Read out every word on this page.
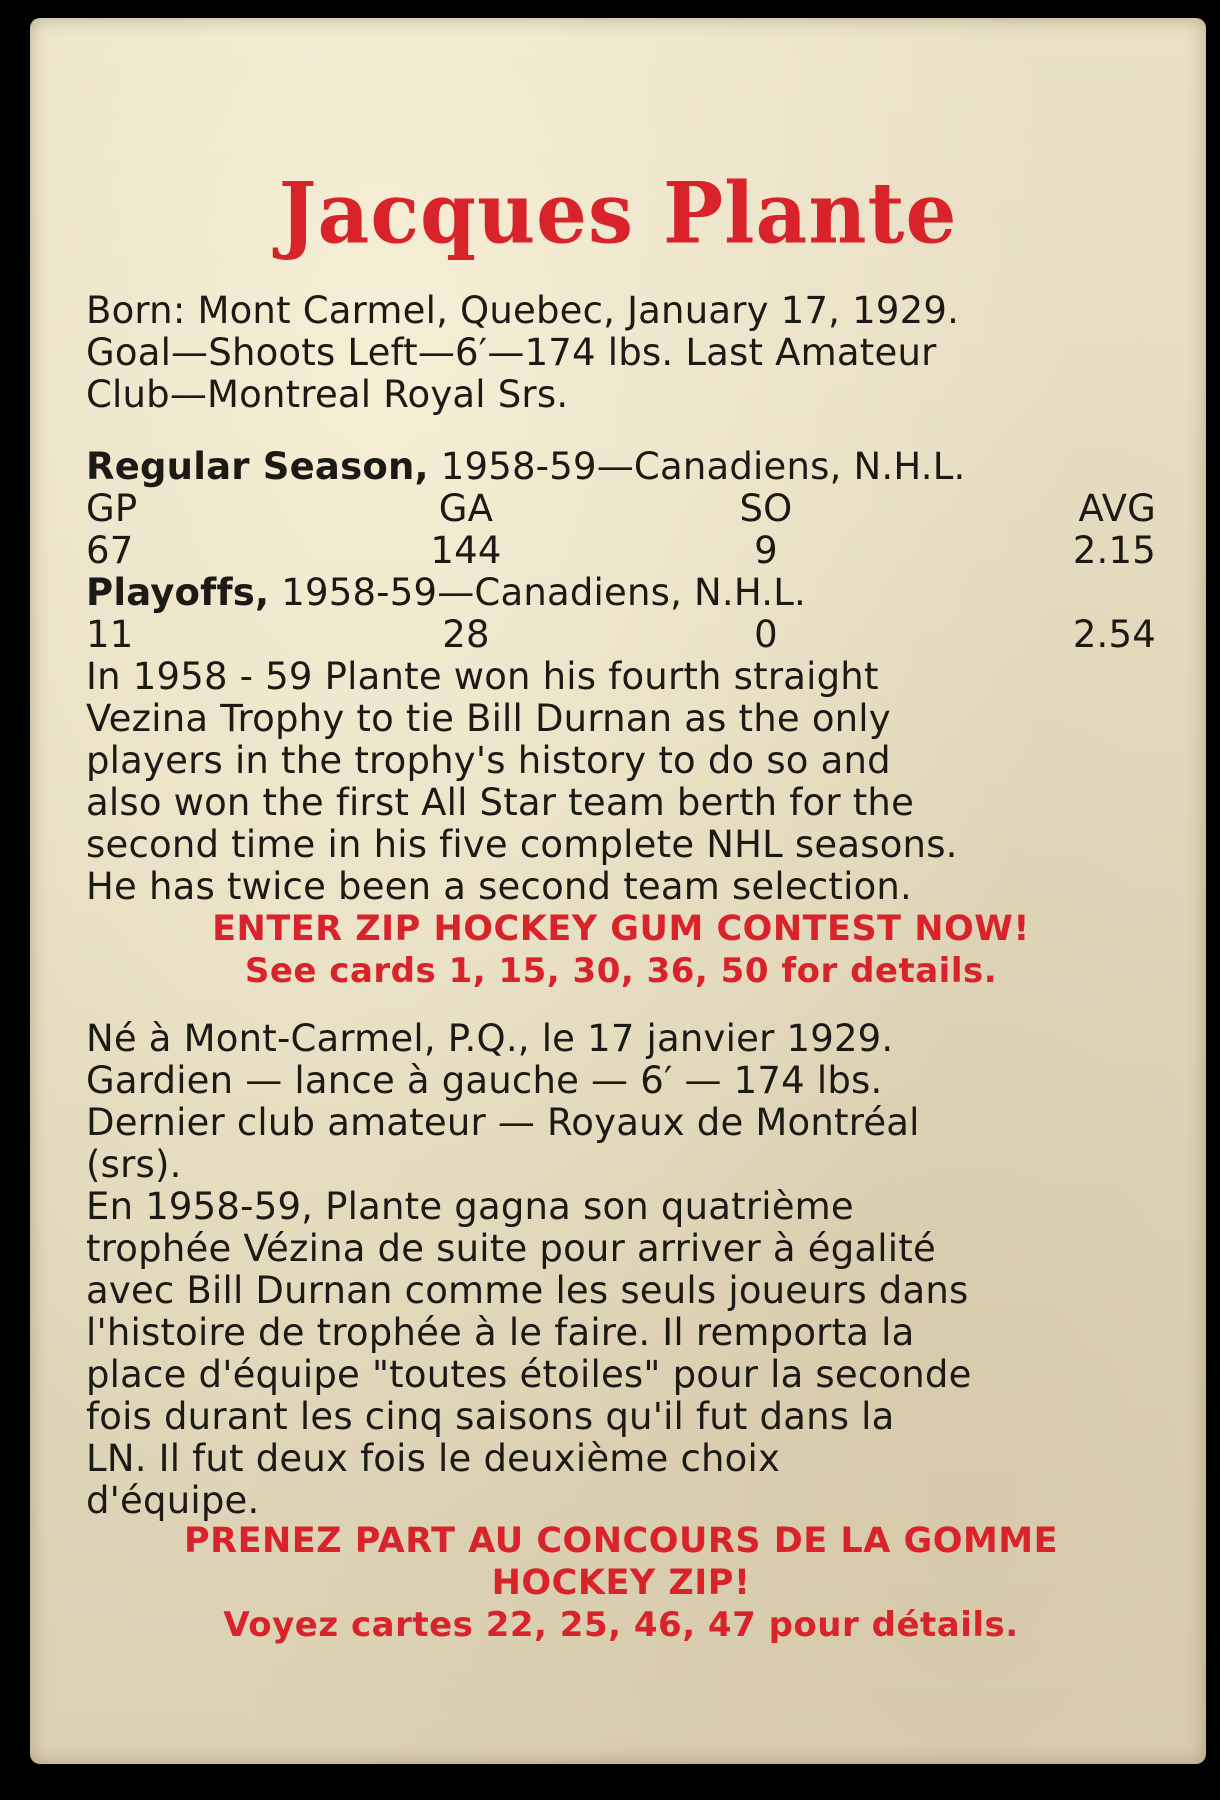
Jacques Plante
Born: Mont Carmel, Quebec, January 17, 1929.
Goal—Shoots Left—6′—174 lbs. Last Amateur
Club—Montreal Royal Srs.
Regular Season, 1958-59—Canadiens, N.H.L.
GP	GA	SO	AVG
67	144	9	2.15
Playoffs, 1958-59—Canadiens, N.H.L.
11	28	0	2.54
In 1958 - 59 Plante won his fourth straight
Vezina Trophy to tie Bill Durnan as the only
players in the trophy's history to do so and
also won the first All Star team berth for the
second time in his five complete NHL seasons.
He has twice been a second team selection.
ENTER ZIP HOCKEY GUM CONTEST NOW!
See cards 1, 15, 30, 36, 50 for details.
Né à Mont-Carmel, P.Q., le 17 janvier 1929.
Gardien — lance à gauche — 6′ — 174 lbs.
Dernier club amateur — Royaux de Montréal
(srs).
En 1958-59, Plante gagna son quatrième
trophée Vézina de suite pour arriver à égalité
avec Bill Durnan comme les seuls joueurs dans
l'histoire de trophée à le faire. Il remporta la
place d'équipe "toutes étoiles" pour la seconde
fois durant les cinq saisons qu'il fut dans la
LN. Il fut deux fois le deuxième choix
d'équipe.
PRENEZ PART AU CONCOURS DE LA GOMME
HOCKEY ZIP!
Voyez cartes 22, 25, 46, 47 pour détails.
